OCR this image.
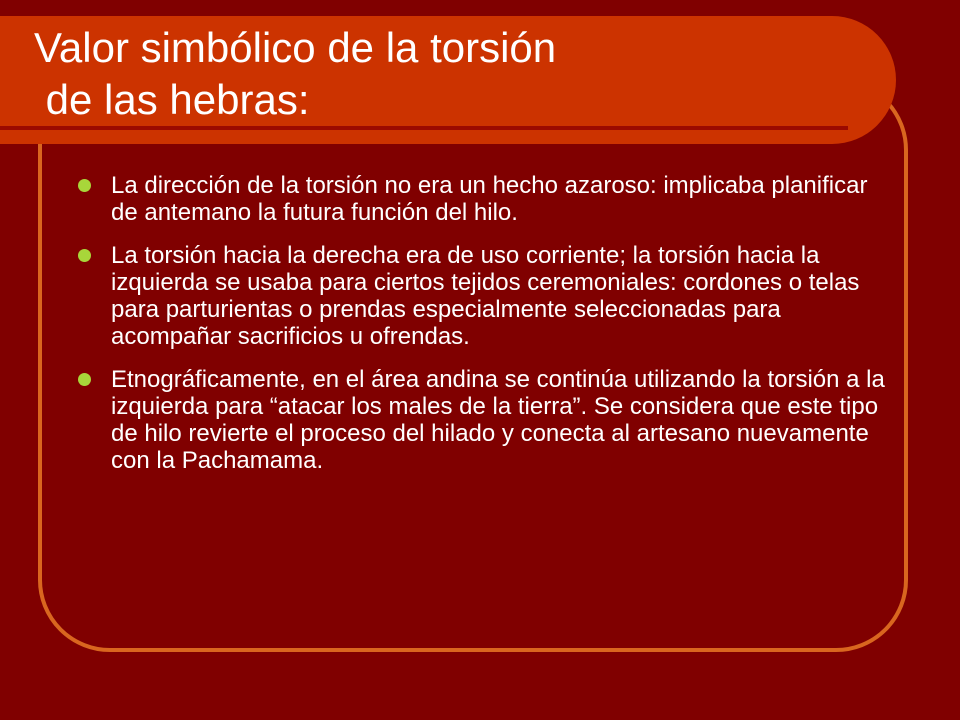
Valor simbólico de la torsión
de las hebras:
La dirección de la torsión no era un hecho azaroso: implicaba planificar de antemano la futura función del hilo.
La torsión hacia la derecha era de uso corriente; la torsión hacia la izquierda se usaba para ciertos tejidos ceremoniales: cordones o telas para parturientas o prendas especialmente seleccionadas para acompañar sacrificios u ofrendas.
Etnográficamente, en el área andina se continúa utilizando la torsión a la izquierda para “atacar los males de la tierra”. Se considera que este tipo de hilo revierte el proceso del hilado y conecta al artesano nuevamente con la Pachamama.
